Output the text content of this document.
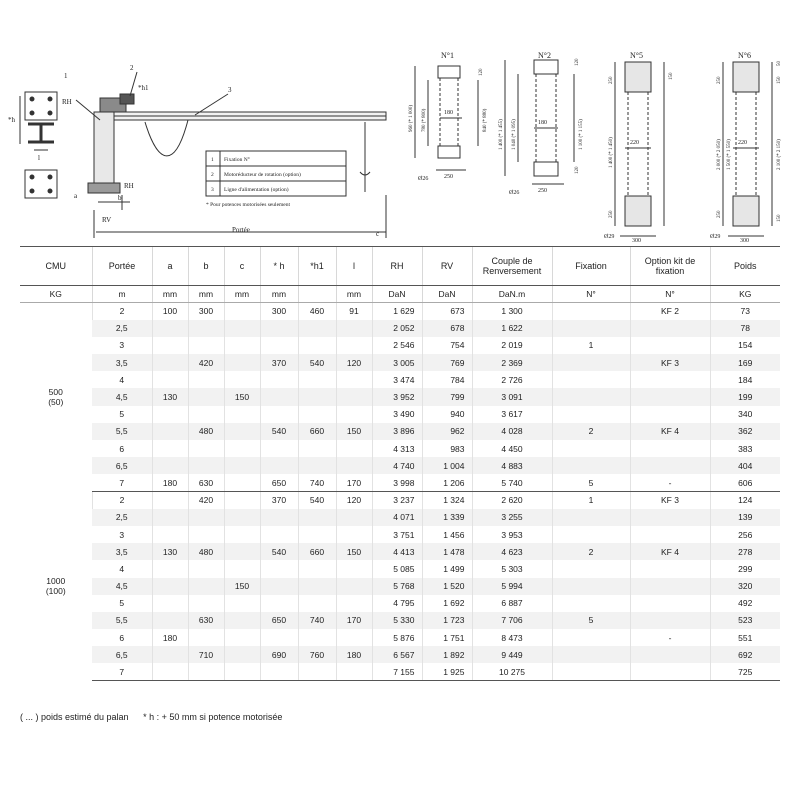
1
2
3
RH
RH
RV
*h
*h1
a	b
c
l
Portée
1 Fixation N°
2 Motoréducteur de rotation (option)
3 Ligne d'alimentation (option)
* Pour potences motorisées seulement
N°1
960 (* 1 000) 780 (* 800)	840 (* 880)
180
250
Ø26
120
N°2
1 400 (* 1 455) 1 040 (* 1 095)	1 100 (* 1 155)
180
250
Ø26
120
120
N°5
1 400 (* 1 450)	220
300
Ø29
250
150
250
N°6
2 000 (* 2 050) 1 500 (* 1 550)	2 100 (* 2 150)
220
300
Ø29
250
50
150
250
150
CMU	Portée	a	b	c	* h	*h1	l	RH	RV	Couple de Renversement	Fixation	Option kit de fixation	Poids
KG	m	mm	mm	mm	mm		mm	DaN	DaN	DaN.m	N°	N°	KG

500
(50)	2	100	300		300	460	91	1 629	673	1 300		KF 2	73
	2,5							2 052	678	1 622			78
	3							2 546	754	2 019	1		154
	3,5		420		370	540	120	3 005	769	2 369		KF 3	169
	4							3 474	784	2 726			184
	4,5	130		150				3 952	799	3 091			199
	5							3 490	940	3 617			340
	5,5		480		540	660	150	3 896	962	4 028	2	KF 4	362
	6							4 313	983	4 450			383
	6,5							4 740	1 004	4 883			404
	7	180	630		650	740	170	3 998	1 206	5 740	5	-	606

1000
(100)	2		420		370	540	120	3 237	1 324	2 620	1	KF 3	124
	2,5							4 071	1 339	3 255			139
	3							3 751	1 456	3 953			256
	3,5	130	480		540	660	150	4 413	1 478	4 623	2	KF 4	278
	4							5 085	1 499	5 303			299
	4,5			150				5 768	1 520	5 994			320
	5							4 795	1 692	6 887			492
	5,5		630		650	740	170	5 330	1 723	7 706	5		523
	6	180						5 876	1 751	8 473		-	551
	6,5		710		690	760	180	6 567	1 892	9 449			692
	7							7 155	1 925	10 275			725
( ... ) poids estimé du palan * h : + 50 mm si potence motorisée
